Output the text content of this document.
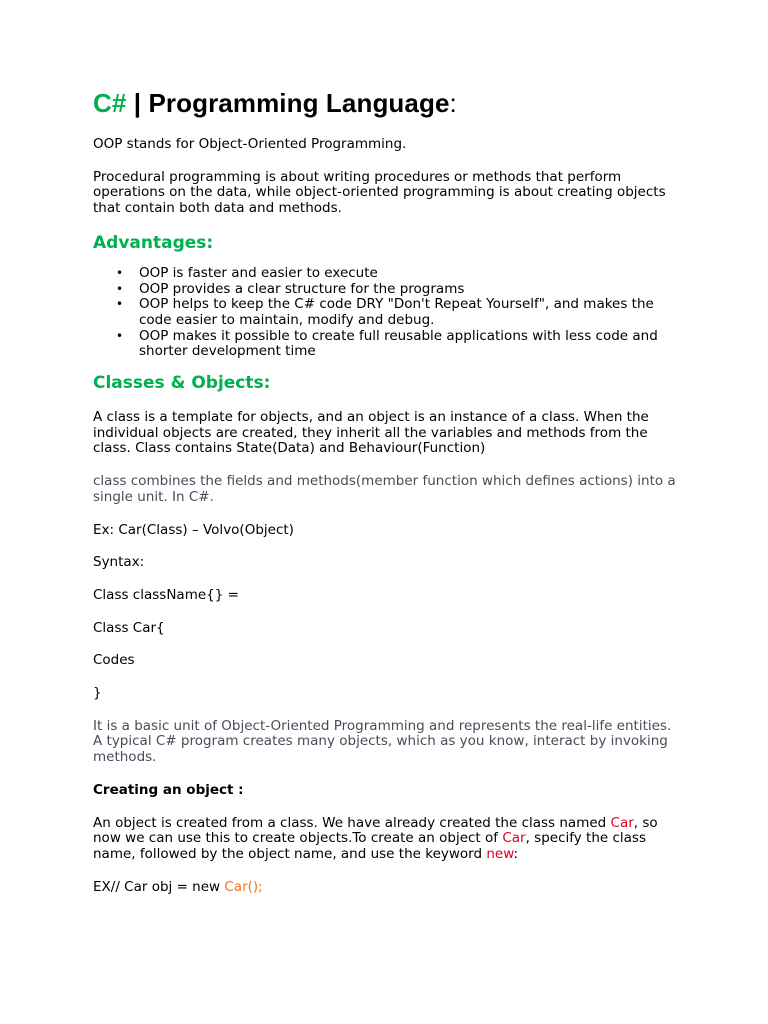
C# | Programming Language:

OOP stands for Object-Oriented Programming.

Procedural programming is about writing procedures or methods that perform operations on the data, while object-oriented programming is about creating objects that contain both data and methods.

Advantages:
• OOP is faster and easier to execute
• OOP provides a clear structure for the programs
• OOP helps to keep the C# code DRY "Don't Repeat Yourself", and makes the code easier to maintain, modify and debug.
• OOP makes it possible to create full reusable applications with less code and shorter development time
Classes & Objects:

A class is a template for objects, and an object is an instance of a class. When the individual objects are created, they inherit all the variables and methods from the class. Class contains State(Data) and Behaviour(Function)

class combines the fields and methods(member function which defines actions) into a single unit. In C#.

Ex: Car(Class) – Volvo(Object)

Syntax:

Class className{} =

Class Car{

Codes

}

It is a basic unit of Object-Oriented Programming and represents the real-life entities. A typical C# program creates many objects, which as you know, interact by invoking methods.

Creating an object :

An object is created from a class. We have already created the class named Car, so now we can use this to create objects.To create an object of Car, specify the class name, followed by the object name, and use the keyword new:

EX// Car obj = new Car();
